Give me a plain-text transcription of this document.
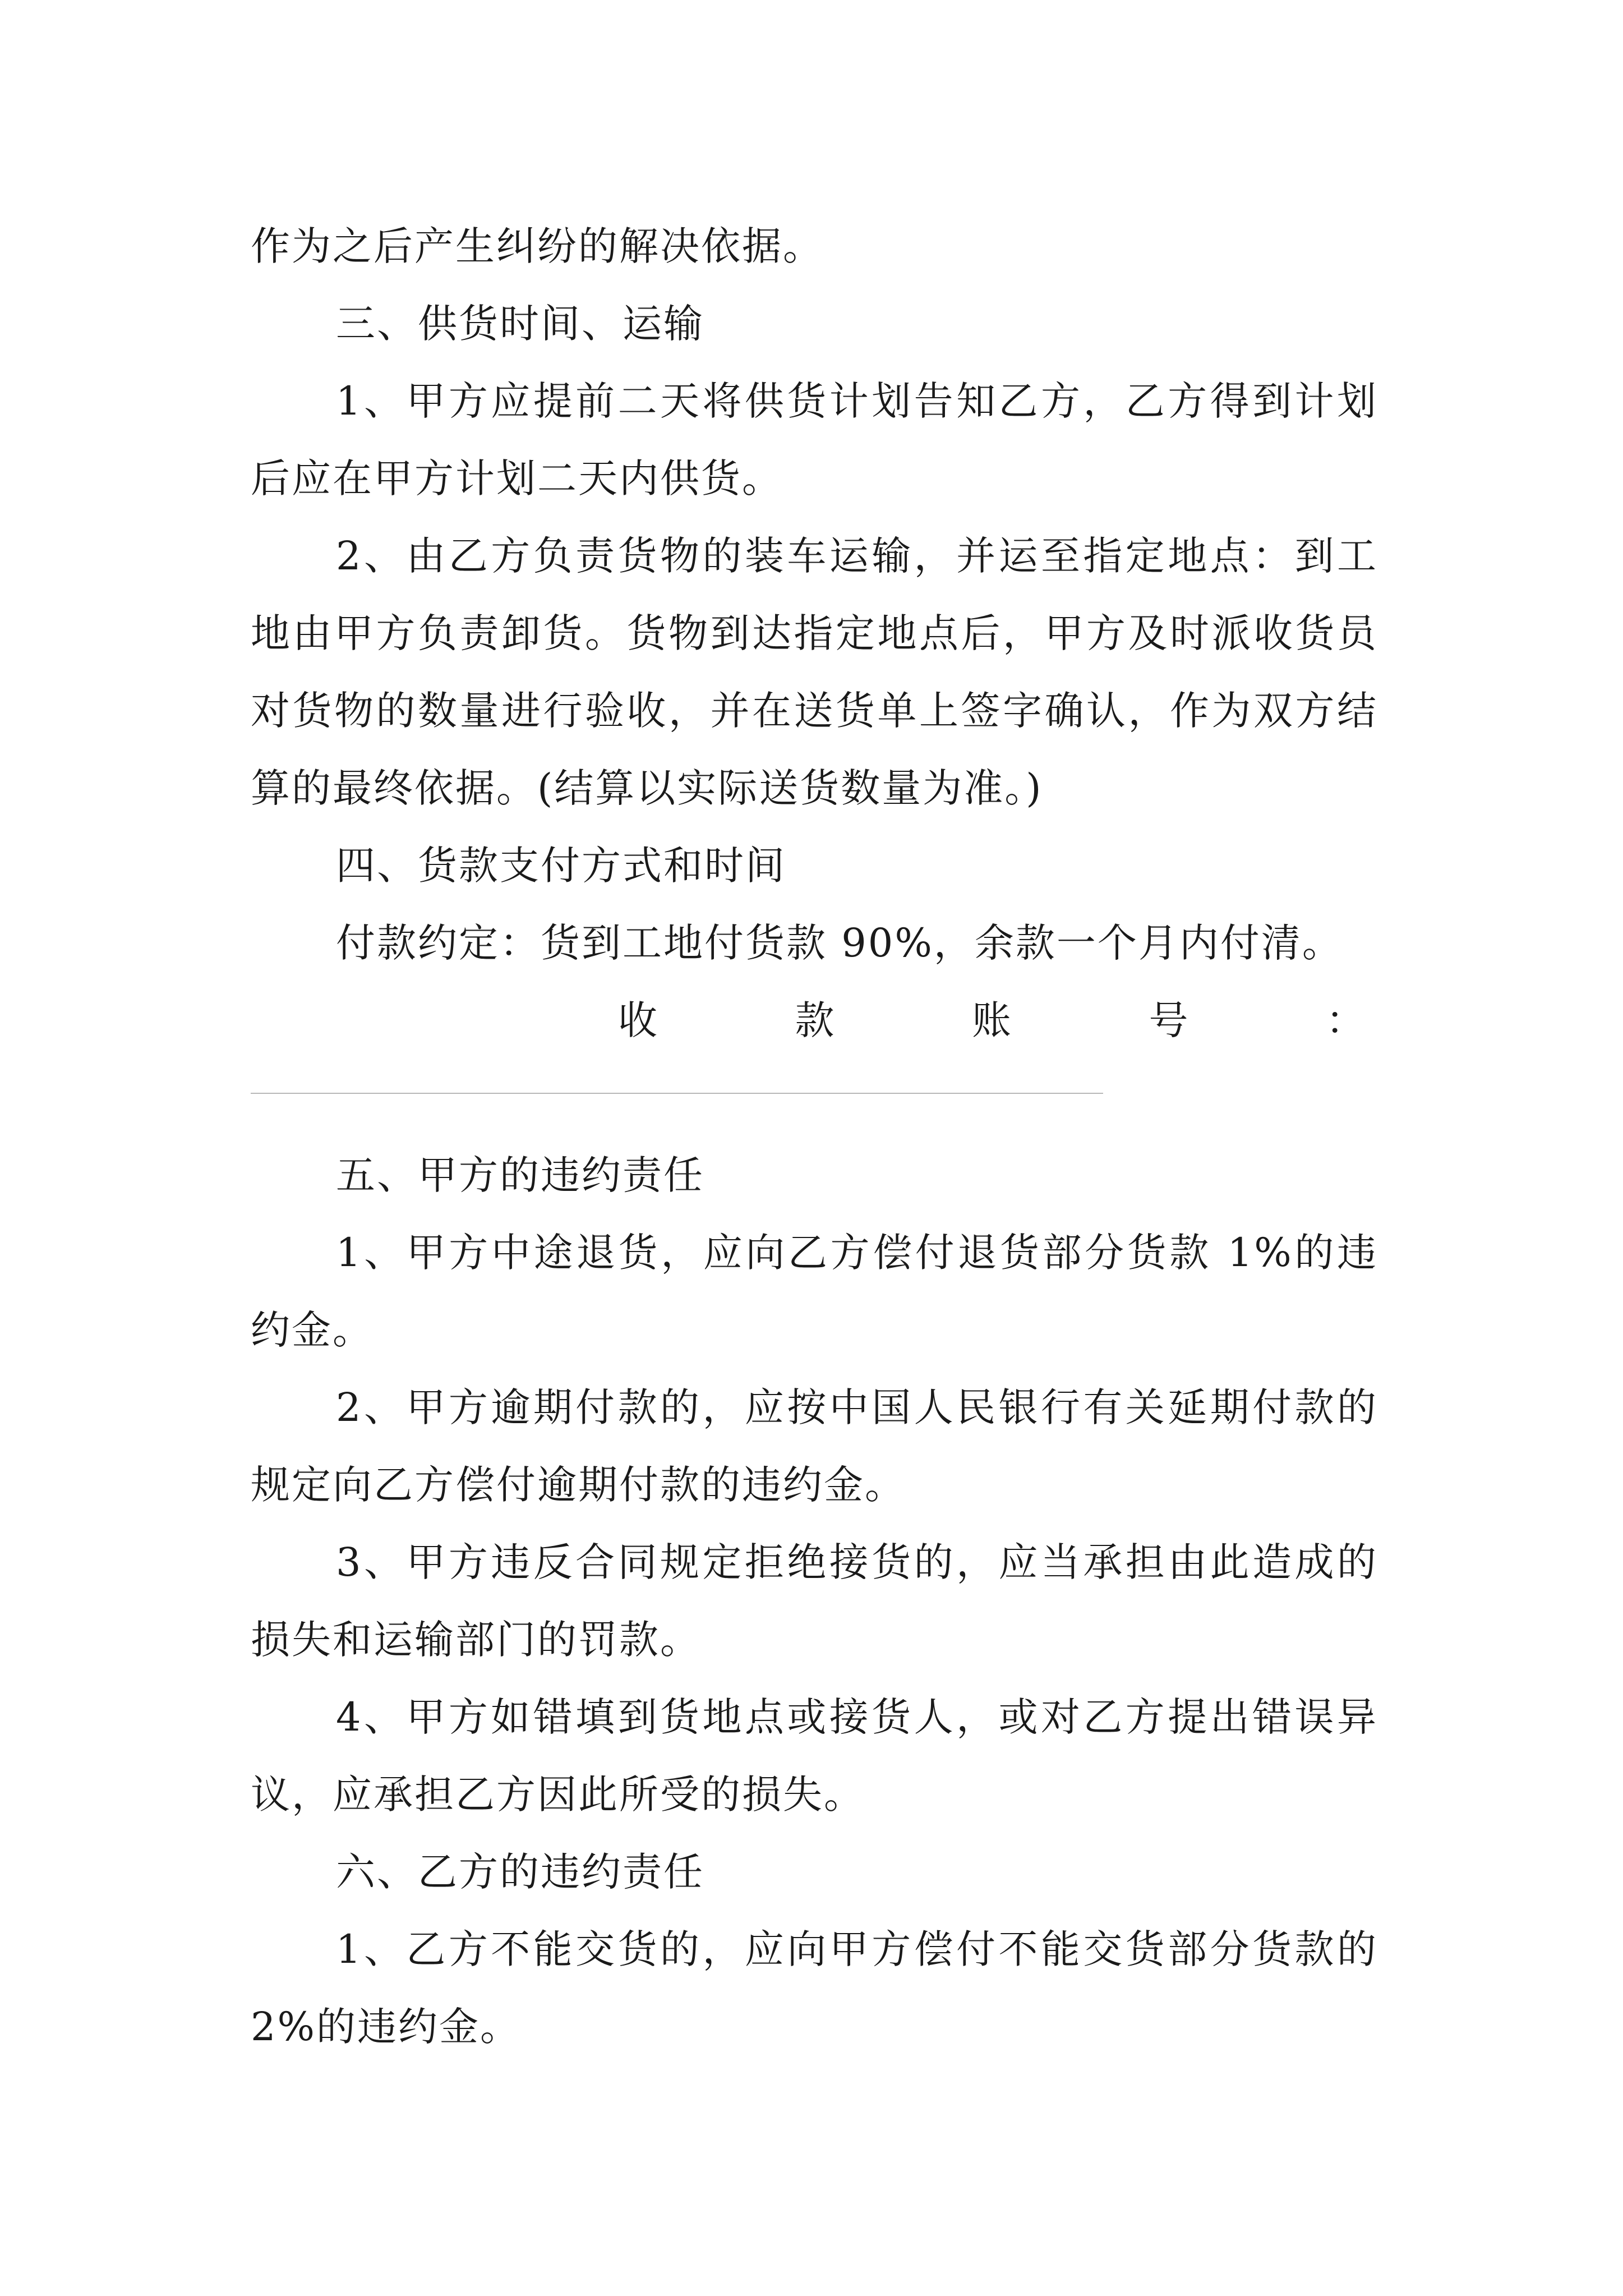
作为之后产生纠纷的解决依据。

三、供货时间、运输

1、甲方应提前二天将供货计划告知乙方，乙方得到计划后应在甲方计划二天内供货。

2、由乙方负责货物的装车运输，并运至指定地点：到工地由甲方负责卸货。货物到达指定地点后，甲方及时派收货员对货物的数量进行验收，并在送货单上签字确认，作为双方结算的最终依据。(结算以实际送货数量为准。)

四、货款支付方式和时间

付款约定：货到工地付货款 90%，余款一个月内付清。

收	款	账	号	：

五、甲方的违约责任

1、甲方中途退货，应向乙方偿付退货部分货款 1%的违约金。

2、甲方逾期付款的，应按中国人民银行有关延期付款的规定向乙方偿付逾期付款的违约金。

3、甲方违反合同规定拒绝接货的，应当承担由此造成的损失和运输部门的罚款。

4、甲方如错填到货地点或接货人，或对乙方提出错误异议，应承担乙方因此所受的损失。

六、乙方的违约责任

1、乙方不能交货的，应向甲方偿付不能交货部分货款的 2%的违约金。
